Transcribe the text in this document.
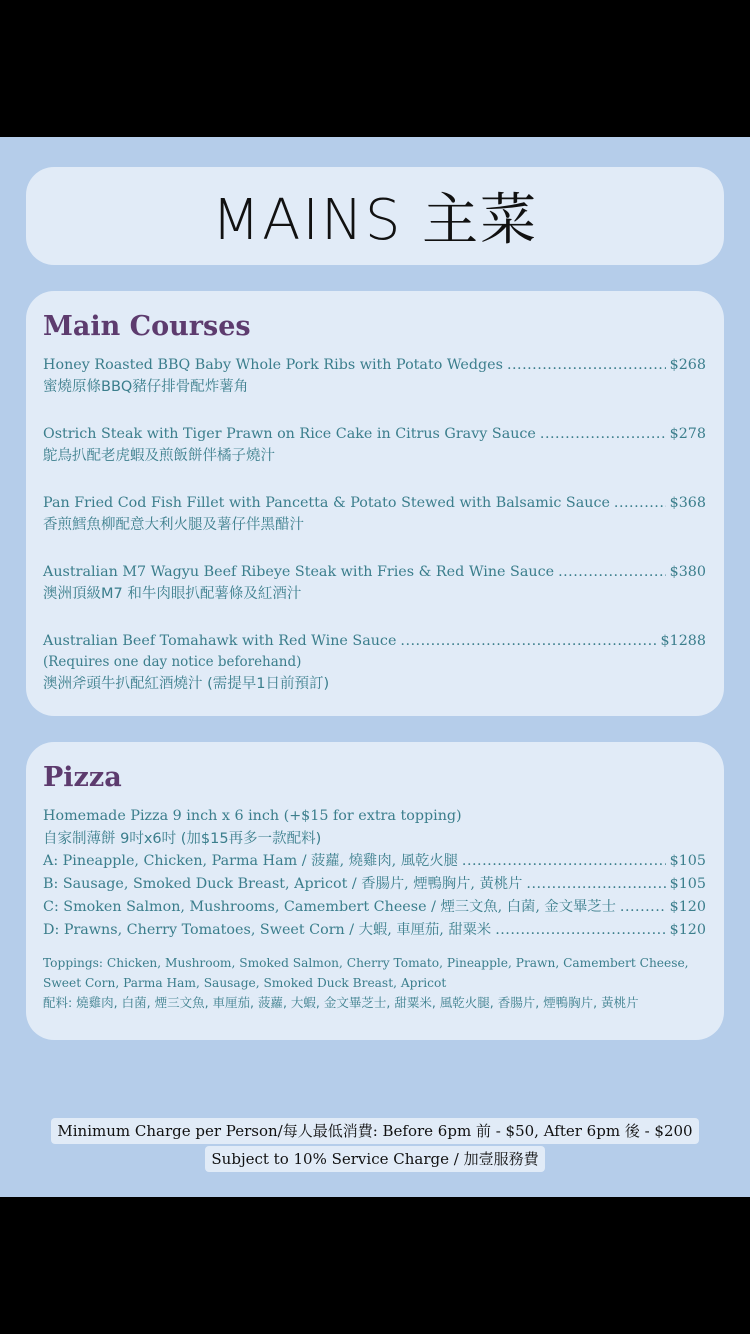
MAINS 主菜
Main Courses
Honey Roasted BBQ Baby Whole Pork Ribs with Potato Wedges .....	$268
蜜燒原條BBQ豬仔排骨配炸薯角
Ostrich Steak with Tiger Prawn on Rice Cake in Citrus Gravy Sauce .....	$278
鴕鳥扒配老虎蝦及煎飯餅伴橘子燒汁
Pan Fried Cod Fish Fillet with Pancetta & Potato Stewed with Balsamic Sauce .....	$368
香煎鱈魚柳配意大利火腿及薯仔伴黑醋汁
Australian M7 Wagyu Beef Ribeye Steak with Fries & Red Wine Sauce .....	$380
澳洲頂級M7 和牛肉眼扒配薯條及紅酒汁
Australian Beef Tomahawk with Red Wine Sauce .....	$1288
(Requires one day notice beforehand)
澳洲斧頭牛扒配紅酒燒汁 (需提早1日前預訂)
Pizza
Homemade Pizza 9 inch x 6 inch (+$15 for extra topping)
自家制薄餅 9吋x6吋 (加$15再多一款配料)
A: Pineapple, Chicken, Parma Ham / 菠蘿, 燒雞肉, 風乾火腿 .....	$105
B: Sausage, Smoked Duck Breast, Apricot / 香腸片, 煙鴨胸片, 黃桃片 .....	$105
C: Smoken Salmon, Mushrooms, Camembert Cheese / 煙三文魚, 白菌, 金文畢芝士 .....	$120
D: Prawns, Cherry Tomatoes, Sweet Corn / 大蝦, 車厘茄, 甜粟米 .....	$120
Toppings: Chicken, Mushroom, Smoked Salmon, Cherry Tomato, Pineapple, Prawn, Camembert Cheese, Sweet Corn, Parma Ham, Sausage, Smoked Duck Breast, Apricot
配料: 燒雞肉, 白菌, 煙三文魚, 車厘茄, 菠蘿, 大蝦, 金文畢芝士, 甜粟米, 風乾火腿, 香腸片, 煙鴨胸片, 黃桃片
Minimum Charge per Person/每人最低消費: Before 6pm 前 - $50, After 6pm 後 - $200
Subject to 10% Service Charge / 加壹服務費
